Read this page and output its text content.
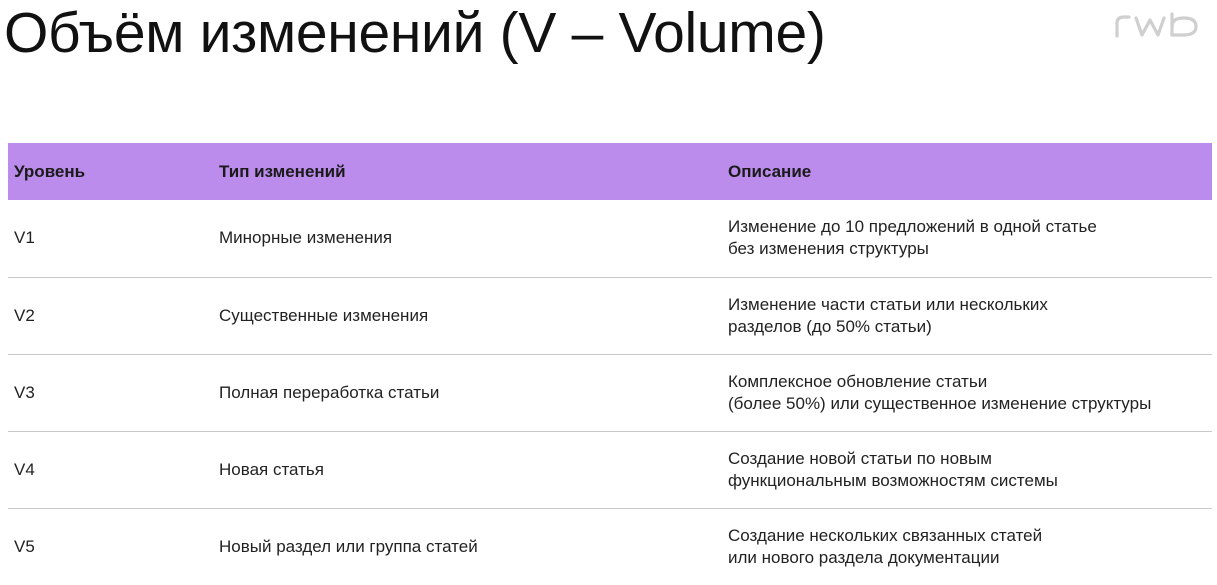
Объём изменений (V – Volume)
Уровень	Тип изменений	Описание
V1	Минорные изменения	Изменение до 10 предложений в одной статье
без изменения структуры

V2	Существенные изменения	Изменение части статьи или нескольких
разделов (до 50% статьи)

V3	Полная переработка статьи	Комплексное обновление статьи
(более 50%) или существенное изменение структуры

V4	Новая статья	Создание новой статьи по новым
функциональным возможностям системы

V5	Новый раздел или группа статей	Создание нескольких связанных статей
или нового раздела документации
